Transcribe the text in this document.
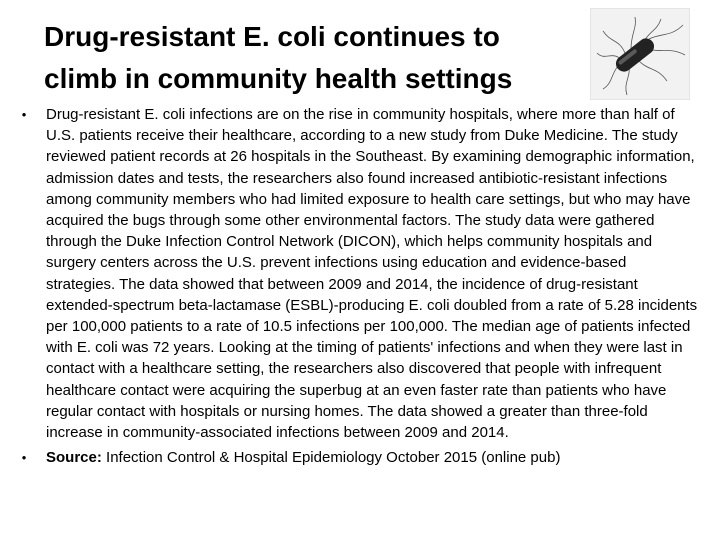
Drug-resistant E. coli continues to
climb in community health settings
• Drug-resistant E. coli infections are on the rise in community hospitals, where more than half of U.S. patients receive their healthcare, according to a new study from Duke Medicine. The study reviewed patient records at 26 hospitals in the Southeast. By examining demographic information, admission dates and tests, the researchers also found increased antibiotic-resistant infections among community members who had limited exposure to health care settings, but who may have acquired the bugs through some other environmental factors. The study data were gathered through the Duke Infection Control Network (DICON), which helps community hospitals and surgery centers across the U.S. prevent infections using education and evidence-based strategies. The data showed that between 2009 and 2014, the incidence of drug-resistant extended-spectrum beta-lactamase (ESBL)-producing E. coli doubled from a rate of 5.28 incidents per 100,000 patients to a rate of 10.5 infections per 100,000. The median age of patients infected with E. coli was 72 years. Looking at the timing of patients' infections and when they were last in contact with a healthcare setting, the researchers also discovered that people with infrequent healthcare contact were acquiring the superbug at an even faster rate than patients who have regular contact with hospitals or nursing homes. The data showed a greater than three-fold increase in community-associated infections between 2009 and 2014.
• Source: Infection Control & Hospital Epidemiology October 2015 (online pub)
